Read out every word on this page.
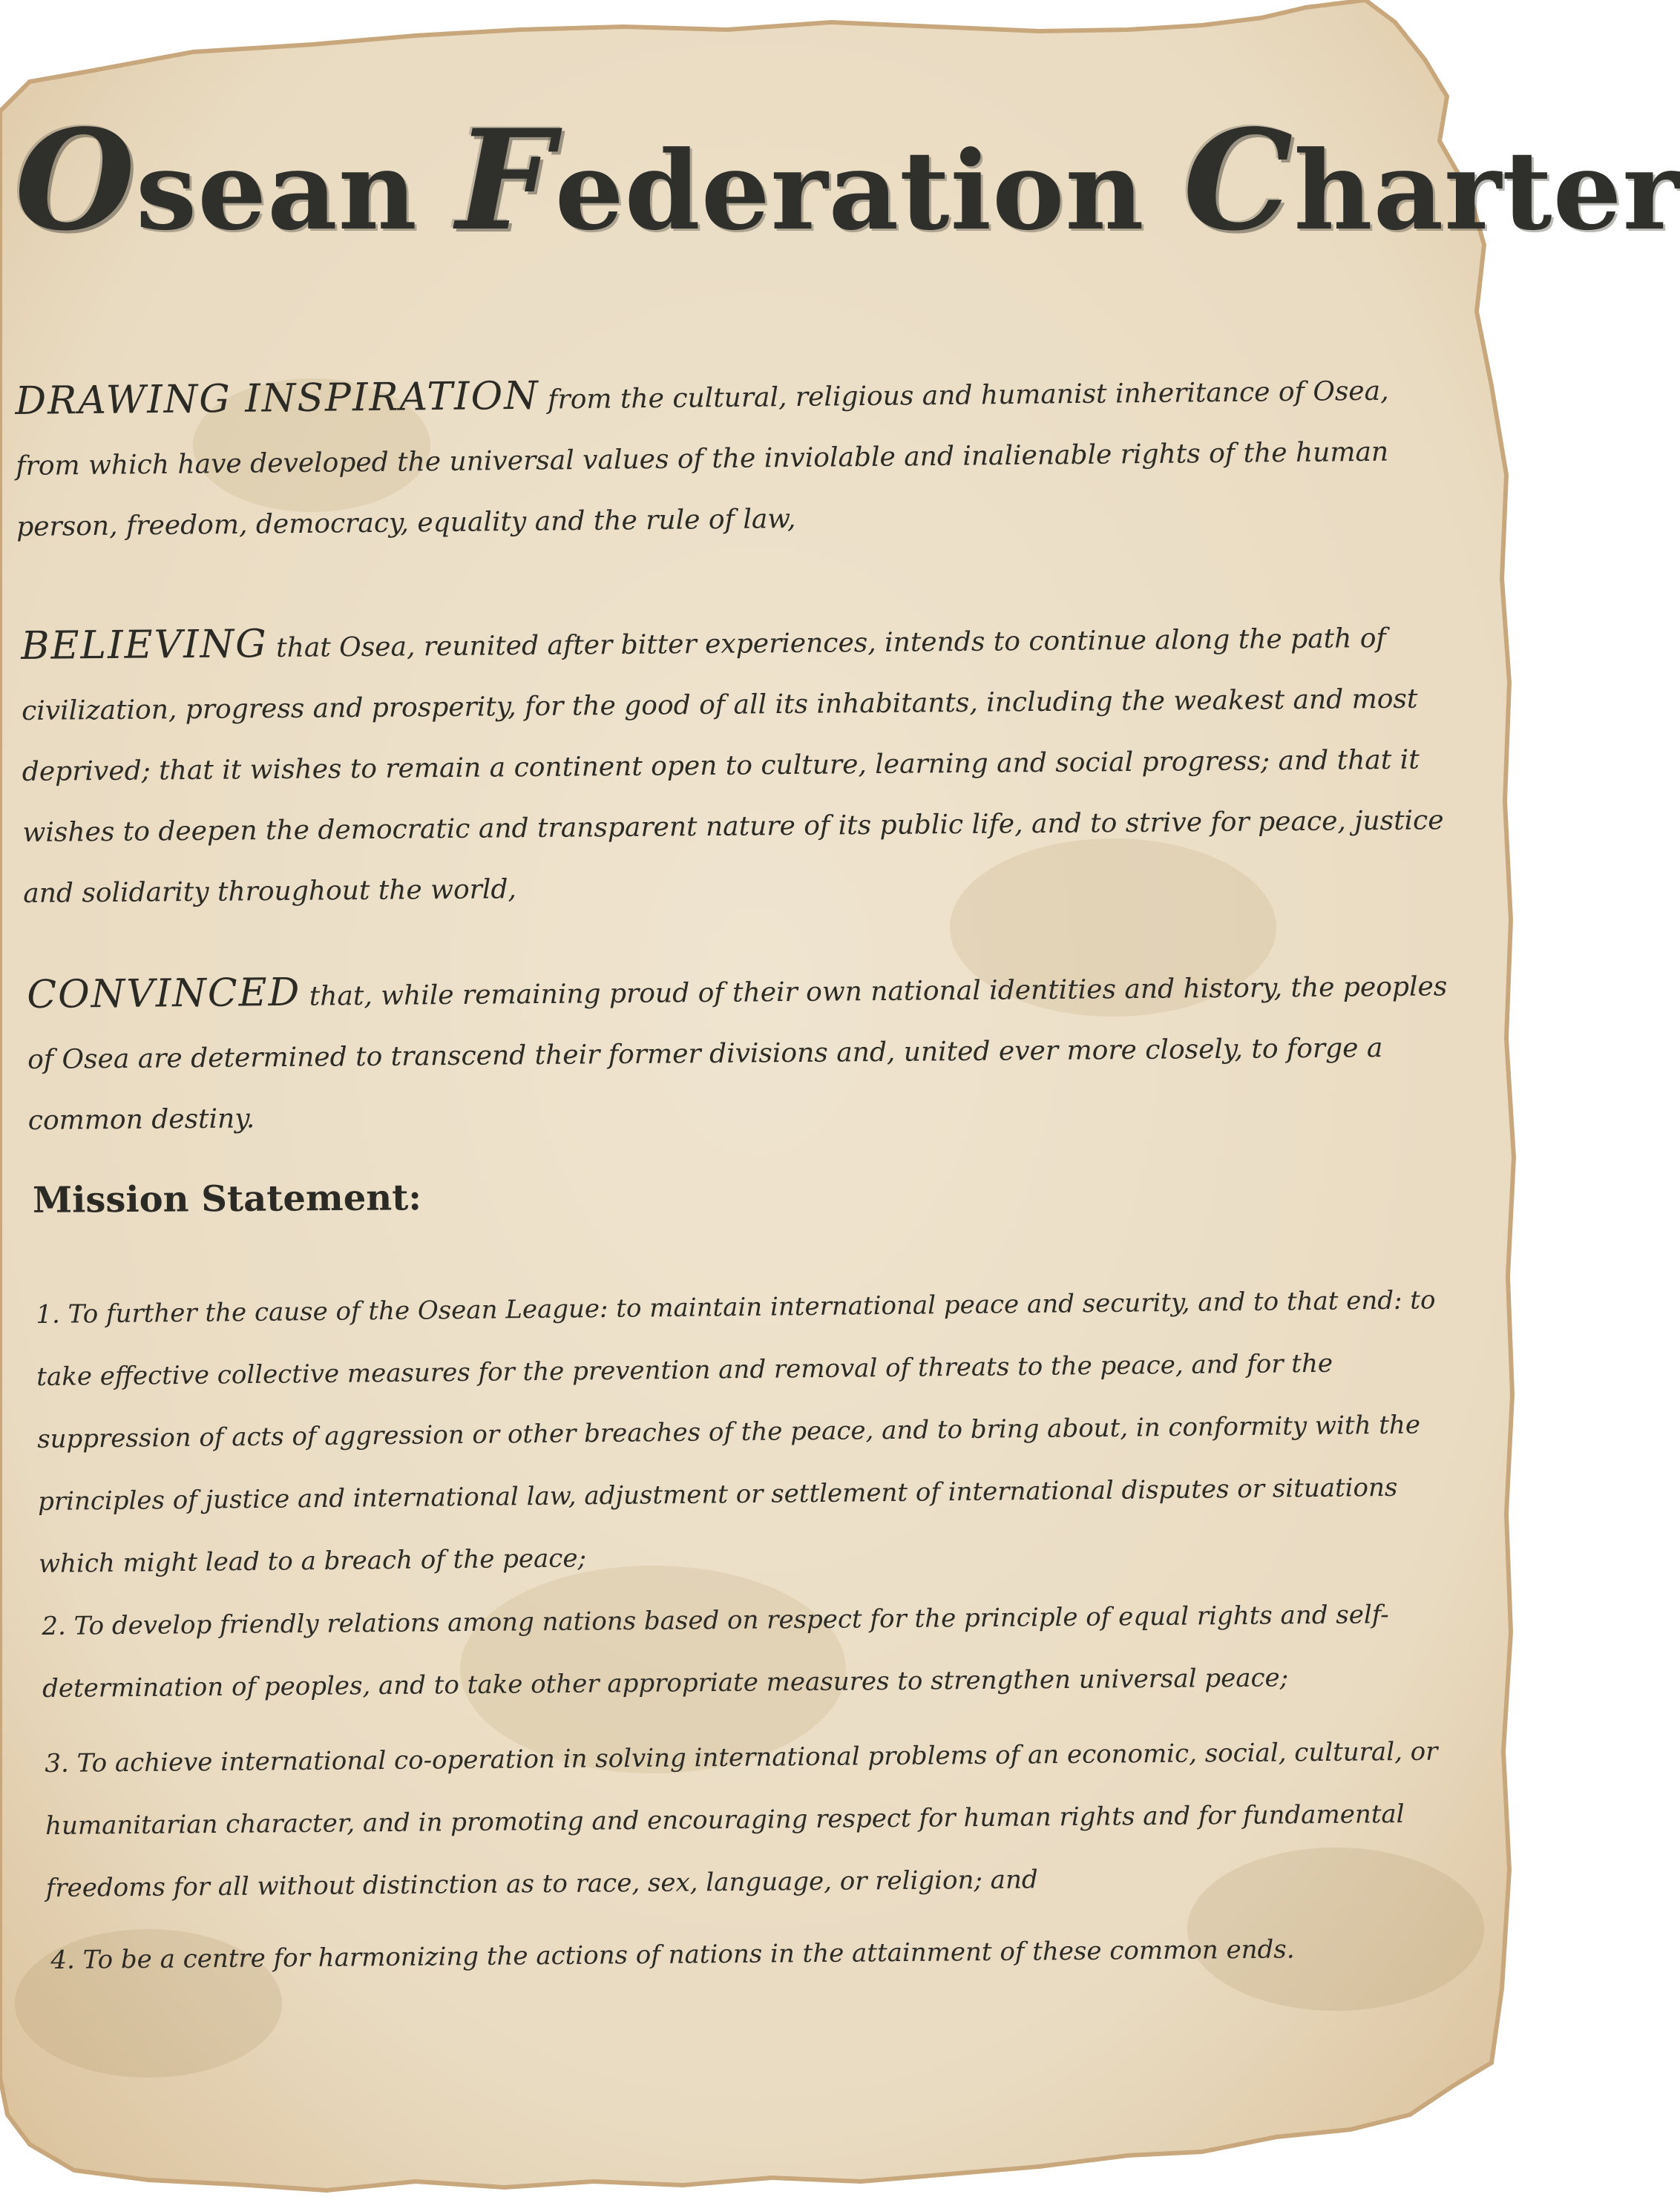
Osean Federation Charter

DRAWING INSPIRATION from the cultural, religious and humanist inheritance of Osea, from which have developed the universal values of the inviolable and inalienable rights of the human person, freedom, democracy, equality and the rule of law,

BELIEVING that Osea, reunited after bitter experiences, intends to continue along the path of civilization, progress and prosperity, for the good of all its inhabitants, including the weakest and most deprived; that it wishes to remain a continent open to culture, learning and social progress; and that it wishes to deepen the democratic and transparent nature of its public life, and to strive for peace, justice and solidarity throughout the world,

CONVINCED that, while remaining proud of their own national identities and history, the peoples of Osea are determined to transcend their former divisions and, united ever more closely, to forge a common destiny.

Mission Statement:

1. To further the cause of the Osean League: to maintain international peace and security, and to that end: to take effective collective measures for the prevention and removal of threats to the peace, and for the suppression of acts of aggression or other breaches of the peace, and to bring about, in conformity with the principles of justice and international law, adjustment or settlement of international disputes or situations which might lead to a breach of the peace;

2. To develop friendly relations among nations based on respect for the principle of equal rights and self-determination of peoples, and to take other appropriate measures to strengthen universal peace;

3. To achieve international co-operation in solving international problems of an economic, social, cultural, or humanitarian character, and in promoting and encouraging respect for human rights and for fundamental freedoms for all without distinction as to race, sex, language, or religion; and

4. To be a centre for harmonizing the actions of nations in the attainment of these common ends.
